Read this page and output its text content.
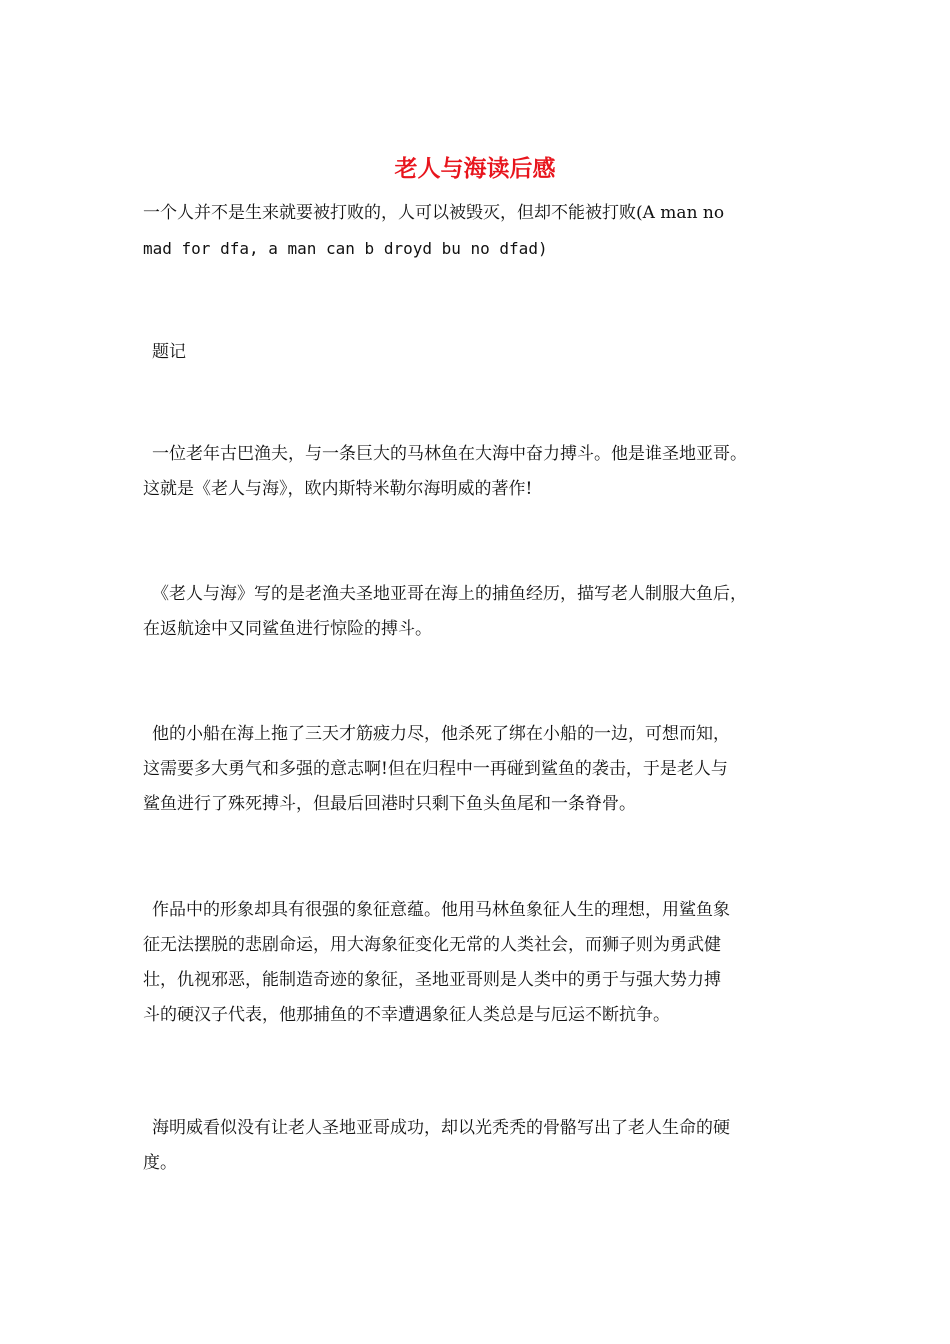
老人与海读后感
一个人并不是生来就要被打败的，人可以被毁灭，但却不能被打败(A man no
mad for dfa, a man can b droyd bu no dfad)
题记
一位老年古巴渔夫，与一条巨大的马林鱼在大海中奋力搏斗。他是谁圣地亚哥。
这就是《老人与海》，欧内斯特米勒尔海明威的著作!
《老人与海》写的是老渔夫圣地亚哥在海上的捕鱼经历，描写老人制服大鱼后，
在返航途中又同鲨鱼进行惊险的搏斗。
他的小船在海上拖了三天才筋疲力尽，他杀死了绑在小船的一边，可想而知，
这需要多大勇气和多强的意志啊!但在归程中一再碰到鲨鱼的袭击，于是老人与
鲨鱼进行了殊死搏斗，但最后回港时只剩下鱼头鱼尾和一条脊骨。
作品中的形象却具有很强的象征意蕴。他用马林鱼象征人生的理想，用鲨鱼象
征无法摆脱的悲剧命运，用大海象征变化无常的人类社会，而狮子则为勇武健
壮，仇视邪恶，能制造奇迹的象征，圣地亚哥则是人类中的勇于与强大势力搏
斗的硬汉子代表，他那捕鱼的不幸遭遇象征人类总是与厄运不断抗争。
海明威看似没有让老人圣地亚哥成功，却以光秃秃的骨骼写出了老人生命的硬
度。
